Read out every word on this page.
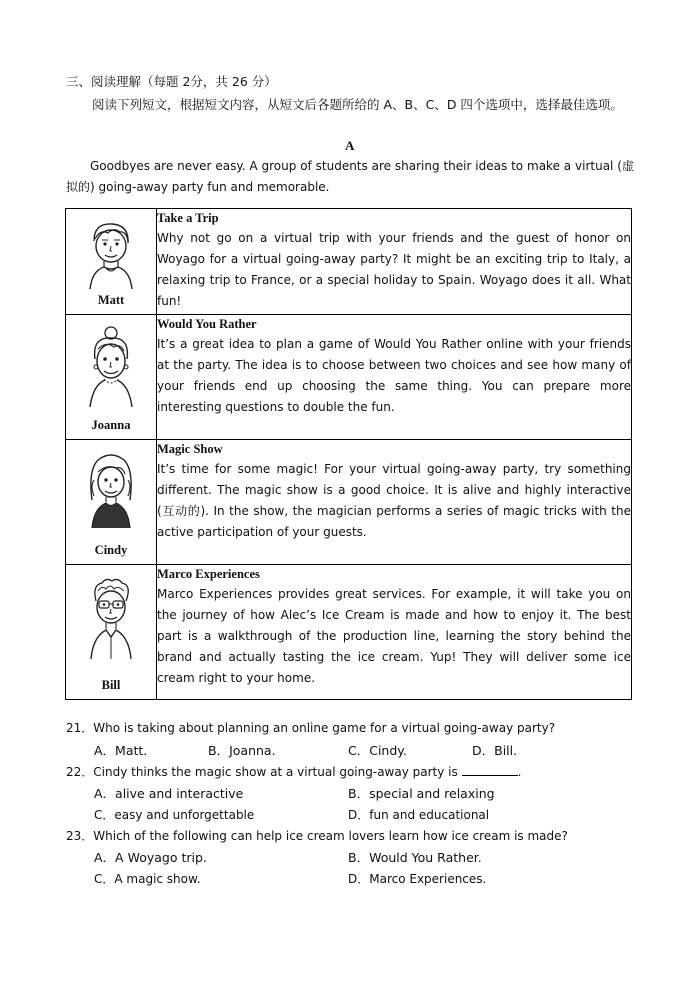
三、阅读理解（每题 2分，共 26 分）
阅读下列短文，根据短文内容，从短文后各题所给的 A、B、C、D 四个选项中，选择最佳选项。
A
Goodbyes are never easy. A group of students are sharing their ideas to make a virtual (虚拟的) going-away party fun and memorable.
Matt	Take a Trip
Why not go on a virtual trip with your friends and the guest of honor on Woyago for a virtual going-away party? It might be an exciting trip to Italy, a relaxing trip to France, or a special holiday to Spain. Woyago does it all. What fun!

Joanna	Would You Rather
It’s a great idea to plan a game of Would You Rather online with your friends at the party. The idea is to choose between two choices and see how many of your friends end up choosing the same thing. You can prepare more interesting questions to double the fun.

Cindy	Magic Show
It’s time for some magic! For your virtual going-away party, try something different. The magic show is a good choice. It is alive and highly interactive (互动的). In the show, the magician performs a series of magic tricks with the active participation of your guests.

Bill	Marco Experiences
Marco Experiences provides great services. For example, it will take you on the journey of how Alec’s Ice Cream is made and how to enjoy it. The best part is a walkthrough of the production line, learning the story behind the brand and actually tasting the ice cream. Yup! They will deliver some ice cream right to your home.
21．Who is taking about planning an online game for a virtual going-away party?
A．Matt.	B．Joanna.	C．Cindy.	D．Bill.
22．Cindy thinks the magic show at a virtual going-away party is	.
A．alive and interactive	B．special and relaxing
C．easy and unforgettable	D．fun and educational
23．Which of the following can help ice cream lovers learn how ice cream is made?
A．A Woyago trip.	B．Would You Rather.
C．A magic show.	D．Marco Experiences.
